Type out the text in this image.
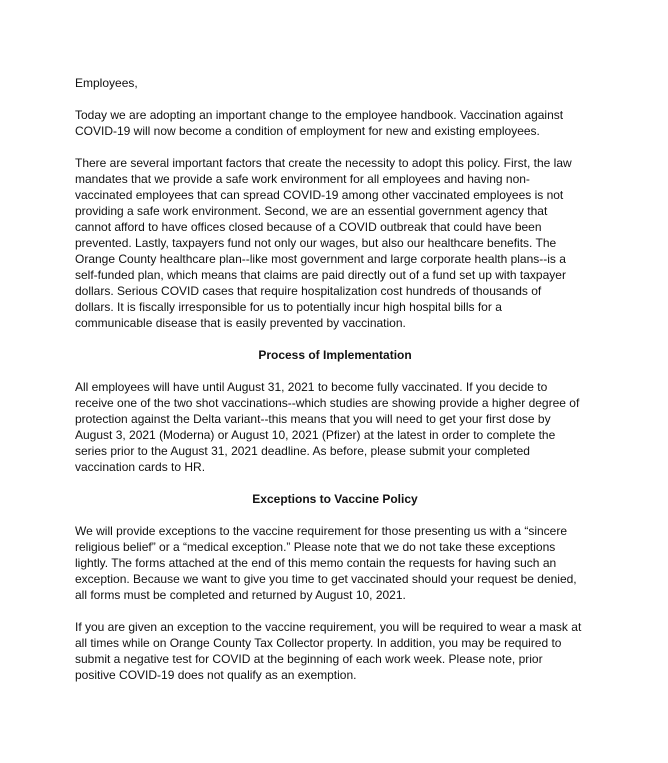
Employees,
Today we are adopting an important change to the employee handbook. Vaccination against
COVID-19 will now become a condition of employment for new and existing employees.
There are several important factors that create the necessity to adopt this policy. First, the law
mandates that we provide a safe work environment for all employees and having non-
vaccinated employees that can spread COVID-19 among other vaccinated employees is not
providing a safe work environment. Second, we are an essential government agency that
cannot afford to have offices closed because of a COVID outbreak that could have been
prevented. Lastly, taxpayers fund not only our wages, but also our healthcare benefits. The
Orange County healthcare plan--like most government and large corporate health plans--is a
self-funded plan, which means that claims are paid directly out of a fund set up with taxpayer
dollars. Serious COVID cases that require hospitalization cost hundreds of thousands of
dollars. It is fiscally irresponsible for us to potentially incur high hospital bills for a
communicable disease that is easily prevented by vaccination.
Process of Implementation
All employees will have until August 31, 2021 to become fully vaccinated. If you decide to
receive one of the two shot vaccinations--which studies are showing provide a higher degree of
protection against the Delta variant--this means that you will need to get your first dose by
August 3, 2021 (Moderna) or August 10, 2021 (Pfizer) at the latest in order to complete the
series prior to the August 31, 2021 deadline. As before, please submit your completed
vaccination cards to HR.
Exceptions to Vaccine Policy
We will provide exceptions to the vaccine requirement for those presenting us with a “sincere
religious belief” or a “medical exception.” Please note that we do not take these exceptions
lightly. The forms attached at the end of this memo contain the requests for having such an
exception. Because we want to give you time to get vaccinated should your request be denied,
all forms must be completed and returned by August 10, 2021.
If you are given an exception to the vaccine requirement, you will be required to wear a mask at
all times while on Orange County Tax Collector property. In addition, you may be required to
submit a negative test for COVID at the beginning of each work week. Please note, prior
positive COVID-19 does not qualify as an exemption.
